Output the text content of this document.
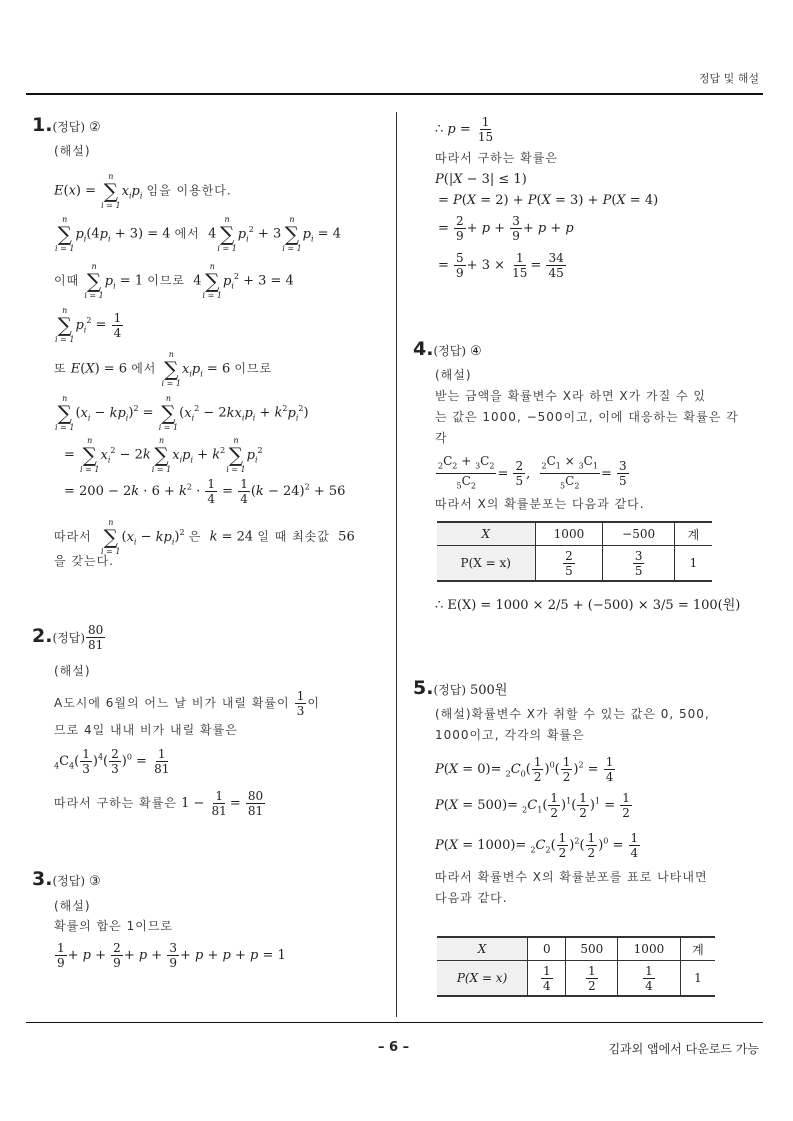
정답 및 해설
1.(정답) ②
(해설)
E(x) =
n
∑
i = 1
$x_ip_i$ 임을 이용한다.
n
∑
i = 1
$p_i(4p_i + 3) = 4$ 에서  4
n
∑
i = 1
$p_i^2 + 3$
n
∑
i = 1
$p_i = 4$
이때
n
∑
i = 1
$p_i = 1$ 이므로  4
n
∑
i = 1
$p_i^2 + 3 = 4$
n
∑
i = 1
$p_i^2 = \frac{1}{4}$
또 E(X) = 6 에서
n
∑
i = 1
$x_ip_i = 6$ 이므로
n
∑
i = 1
$(x_i - kp_i)^2$ =
n
∑
i = 1
$(x_i^2 - 2kx_ip_i + k^2p_i^2)$
=
n
∑
i = 1
$x_i^2 - 2k$
n
∑
i = 1
$x_ip_i + k^2$
n
∑
i = 1
$p_i^2$
= $200 - 2k \cdot 6 + k^2 \cdot \frac{1}{4} = \frac{1}{4} (k - 24)^2 + 56$
따라서
n
∑
i = 1
$(x_i - kp_i)^2$ 은 k = 24 일 때 최솟값 56
을 갖는다.
2.(정답) $\frac{80}{81}$
(해설)
A도시에 6월의 어느 날 비가 내릴 확률이 $\frac{1}{3}$ 이
므로 4일 내내 비가 내릴 확률은
$_4C_4( \frac{1}{3} )^4( \frac{2}{3} )^0 = \frac{1}{81}$
따라서 구하는 확률은 $1 - \frac{1}{81} = \frac{80}{81}$
3.(정답) ③
(해설)
확률의 합은 1이므로
$\frac{1}{9} + p + \frac{2}{9} + p + \frac{3}{9} + p + p + p = 1$
∴ $p = \frac{1}{15}$
따라서 구하는 확률은
P(|X − 3| ≤ 1)
= P(X = 2) + P(X = 3) + P(X = 4)
= $\frac{2}{9} + p + \frac{3}{9} + p + p$
= $\frac{5}{9} + 3 \times \frac{1}{15} = \frac{34}{45}$
4.(정답) ④
(해설)
받는 금액을 확률변수 X라 하면 X가 가질 수 있
는 값은 1000, −500이고, 이에 대응하는 확률은 각
각
$\frac{_2C_2 + _3C_2}{_5C_2} = \frac{2}{5}$ , $\frac{_2C_1 \times _3C_1}{_5C_2} = \frac{3}{5}$
따라서 X의 확률분포는 다음과 같다.
X	1000	−500	계
P(X = x)	$\frac{2}{5}$	$\frac{3}{5}$	1
∴ E(X) = 1000 × 2/5 + (−500) × 3/5 = 100(원)
5.(정답) 500원
(해설)확률변수 X가 취할 수 있는 값은 0, 500,
1000이고, 각각의 확률은
$P(X = 0)= _2C_0( \frac{1}{2} )^0( \frac{1}{2} )^2 = \frac{1}{4}$
$P(X = 500)= _2C_1( \frac{1}{2} )^1( \frac{1}{2} )^1 = \frac{1}{2}$
$P(X = 1000)= _2C_2( \frac{1}{2} )^2( \frac{1}{2} )^0 = \frac{1}{4}$
따라서 확률변수 X의 확률분포를 표로 나타내면
다음과 같다.
X	0	500	1000	계
P(X = x)	$\frac{1}{4}$	$\frac{1}{2}$	$\frac{1}{4}$	1
– 6 –	김과외 앱에서 다운로드 가능
